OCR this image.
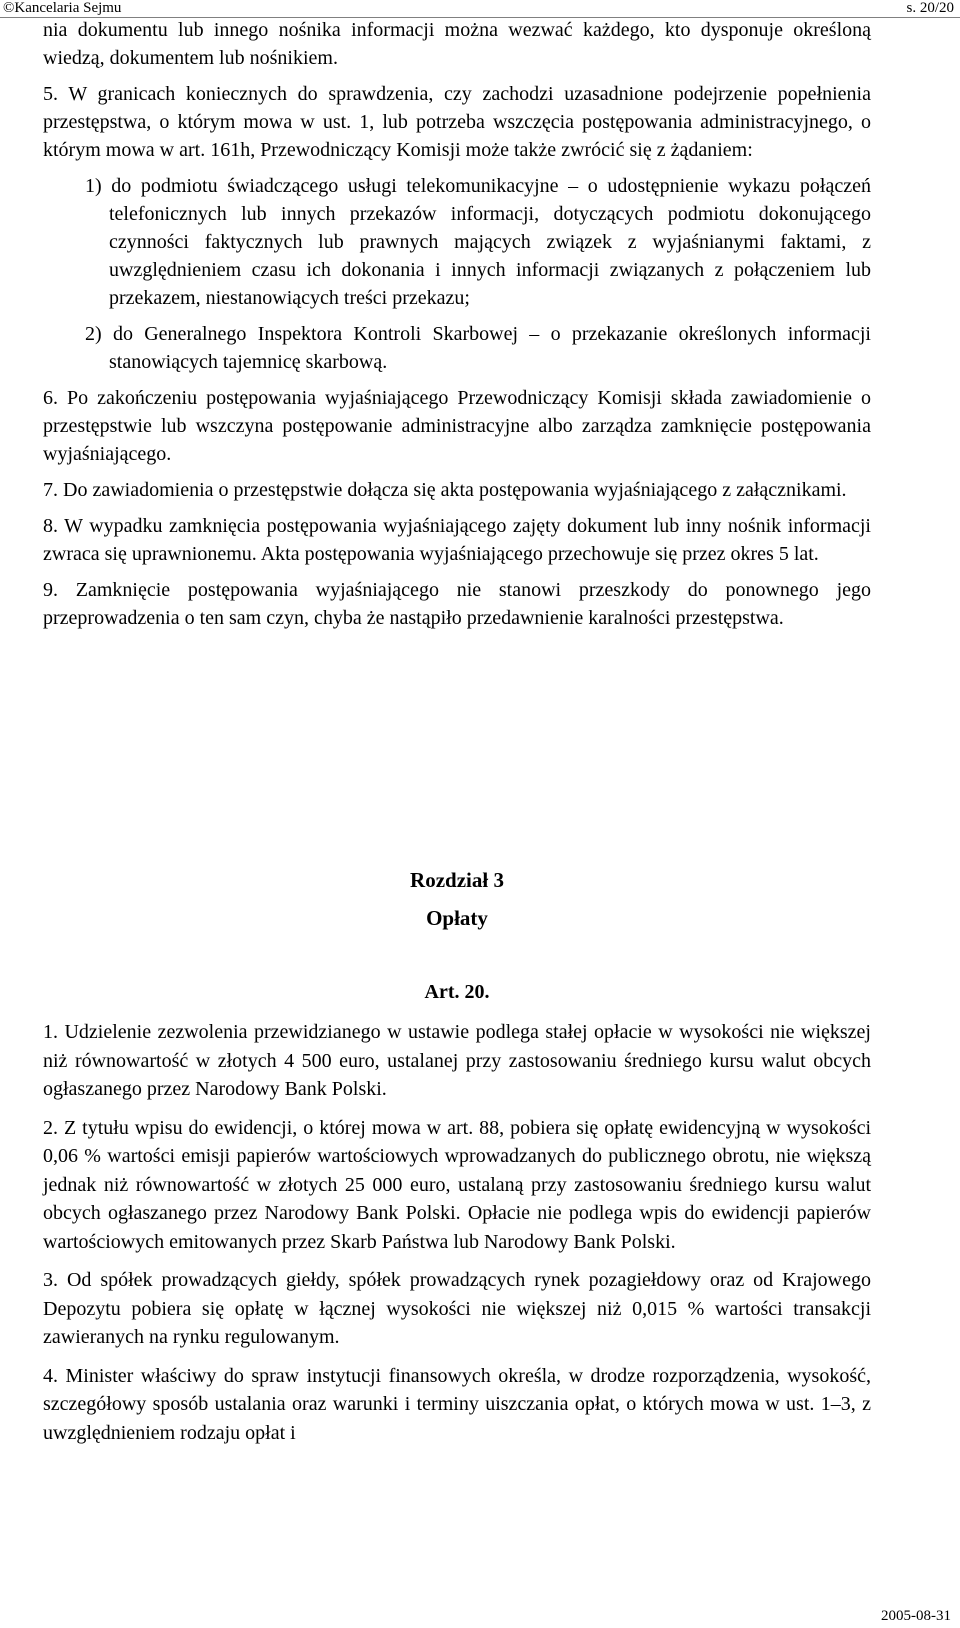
©Kancelaria Sejmu	s. 20/20

nia dokumentu lub innego nośnika informacji można wezwać każdego, kto dysponuje określoną wiedzą, dokumentem lub nośnikiem.

5. W granicach koniecznych do sprawdzenia, czy zachodzi uzasadnione podejrzenie popełnienia przestępstwa, o którym mowa w ust. 1, lub potrzeba wszczęcia postępowania administracyjnego, o którym mowa w art. 161h, Przewodniczący Komisji może także zwrócić się z żądaniem:

1) do podmiotu świadczącego usługi telekomunikacyjne – o udostępnienie wykazu połączeń telefonicznych lub innych przekazów informacji, dotyczących podmiotu dokonującego czynności faktycznych lub prawnych mających związek z wyjaśnianymi faktami, z uwzględnieniem czasu ich dokonania i innych informacji związanych z połączeniem lub przekazem, niestanowiących treści przekazu;

2) do Generalnego Inspektora Kontroli Skarbowej – o przekazanie określonych informacji stanowiących tajemnicę skarbową.

6. Po zakończeniu postępowania wyjaśniającego Przewodniczący Komisji składa zawiadomienie o przestępstwie lub wszczyna postępowanie administracyjne albo zarządza zamknięcie postępowania wyjaśniającego.

7. Do zawiadomienia o przestępstwie dołącza się akta postępowania wyjaśniającego z załącznikami.

8. W wypadku zamknięcia postępowania wyjaśniającego zajęty dokument lub inny nośnik informacji zwraca się uprawnionemu. Akta postępowania wyjaśniającego przechowuje się przez okres 5 lat.

9. Zamknięcie postępowania wyjaśniającego nie stanowi przeszkody do ponownego jego przeprowadzenia o ten sam czyn, chyba że nastąpiło przedawnienie karalności przestępstwa.

Rozdział 3
Opłaty
Art. 20.

1. Udzielenie zezwolenia przewidzianego w ustawie podlega stałej opłacie w wysokości nie większej niż równowartość w złotych 4 500 euro, ustalanej przy zastosowaniu średniego kursu walut obcych ogłaszanego przez Narodowy Bank Polski.

2. Z tytułu wpisu do ewidencji, o której mowa w art. 88, pobiera się opłatę ewidencyjną w wysokości 0,06 % wartości emisji papierów wartościowych wprowadzanych do publicznego obrotu, nie większą jednak niż równowartość w złotych 25 000 euro, ustalaną przy zastosowaniu średniego kursu walut obcych ogłaszanego przez Narodowy Bank Polski. Opłacie nie podlega wpis do ewidencji papierów wartościowych emitowanych przez Skarb Państwa lub Narodowy Bank Polski.

3. Od spółek prowadzących giełdy, spółek prowadzących rynek pozagiełdowy oraz od Krajowego Depozytu pobiera się opłatę w łącznej wysokości nie większej niż 0,015 % wartości transakcji zawieranych na rynku regulowanym.

4. Minister właściwy do spraw instytucji finansowych określa, w drodze rozporządzenia, wysokość, szczegółowy sposób ustalania oraz warunki i terminy uiszczania opłat, o których mowa w ust. 1–3, z uwzględnieniem rodzaju opłat i

2005-08-31
